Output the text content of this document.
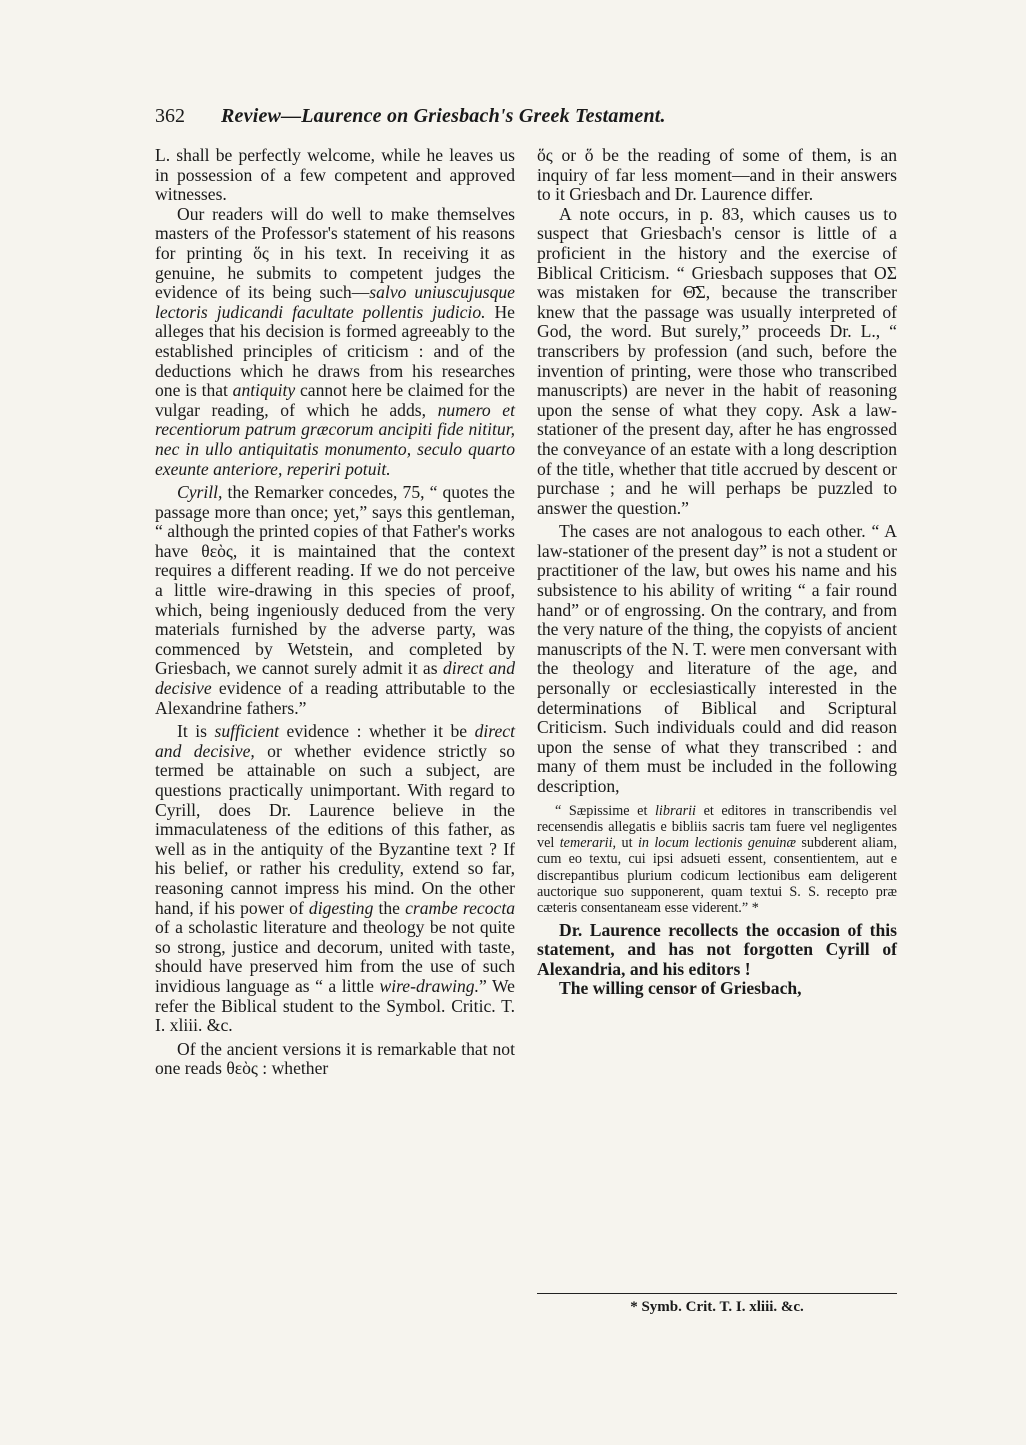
362 Review—Laurence on Griesbach's Greek Testament.

L. shall be perfectly welcome, while he leaves us in possession of a few competent and approved witnesses.

Our readers will do well to make themselves masters of the Professor's statement of his reasons for printing ὅς in his text. In receiving it as genuine, he submits to competent judges the evidence of its being such—salvo uniuscujusque lectoris judicandi facultate pollentis judicio. He alleges that his decision is formed agreeably to the established principles of criticism : and of the deductions which he draws from his researches one is that antiquity cannot here be claimed for the vulgar reading, of which he adds, numero et recentiorum patrum græcorum ancipiti fide nititur, nec in ullo antiquitatis monumento, seculo quarto exeunte anteriore, reperiri potuit.

Cyrill, the Remarker concedes, 75, “ quotes the passage more than once; yet,” says this gentleman, “ although the printed copies of that Father's works have θεὸς, it is maintained that the context requires a different reading. If we do not perceive a little wire-drawing in this species of proof, which, being ingeniously deduced from the very materials furnished by the adverse party, was commenced by Wetstein, and completed by Griesbach, we cannot surely admit it as direct and decisive evidence of a reading attributable to the Alexandrine fathers.”

It is sufficient evidence : whether it be direct and decisive, or whether evidence strictly so termed be attainable on such a subject, are questions practically unimportant. With regard to Cyrill, does Dr. Laurence believe in the immaculateness of the editions of this father, as well as in the antiquity of the Byzantine text ? If his belief, or rather his credulity, extend so far, reasoning cannot impress his mind. On the other hand, if his power of digesting the crambe recocta of a scholastic literature and theology be not quite so strong, justice and decorum, united with taste, should have preserved him from the use of such invidious language as “ a little wire-drawing.” We refer the Biblical student to the Symbol. Critic. T. I. xliii. &c.

Of the ancient versions it is remarkable that not one reads θεὸς : whether

ὅς or ὅ be the reading of some of them, is an inquiry of far less moment—and in their answers to it Griesbach and Dr. Laurence differ.

A note occurs, in p. 83, which causes us to suspect that Griesbach's censor is little of a proficient in the history and the exercise of Biblical Criticism. “ Griesbach supposes that ΟΣ was mistaken for Θ̄Σ, because the transcriber knew that the passage was usually interpreted of God, the word. But surely,” proceeds Dr. L., “ transcribers by profession (and such, before the invention of printing, were those who transcribed manuscripts) are never in the habit of reasoning upon the sense of what they copy. Ask a law-stationer of the present day, after he has engrossed the conveyance of an estate with a long description of the title, whether that title accrued by descent or purchase ; and he will perhaps be puzzled to answer the question.”

The cases are not analogous to each other. “ A law-stationer of the present day” is not a student or practitioner of the law, but owes his name and his subsistence to his ability of writing “ a fair round hand” or of engrossing. On the contrary, and from the very nature of the thing, the copyists of ancient manuscripts of the N. T. were men conversant with the theology and literature of the age, and personally or ecclesiastically interested in the determinations of Biblical and Scriptural Criticism. Such individuals could and did reason upon the sense of what they transcribed : and many of them must be included in the following description,

“ Sæpissime et librarii et editores in transcribendis vel recensendis allegatis e bibliis sacris tam fuere vel negligentes vel temerarii, ut in locum lectionis genuinæ subderent aliam, cum eo textu, cui ipsi adsueti essent, consentientem, aut e discrepantibus plurium codicum lectionibus eam deligerent auctorique suo supponerent, quam textui S. S. recepto præ cæteris consentaneam esse viderent.” *

Dr. Laurence recollects the occasion of this statement, and has not forgotten Cyrill of Alexandria, and his editors !

The willing censor of Griesbach,

* Symb. Crit. T. I. xliii. &c.
